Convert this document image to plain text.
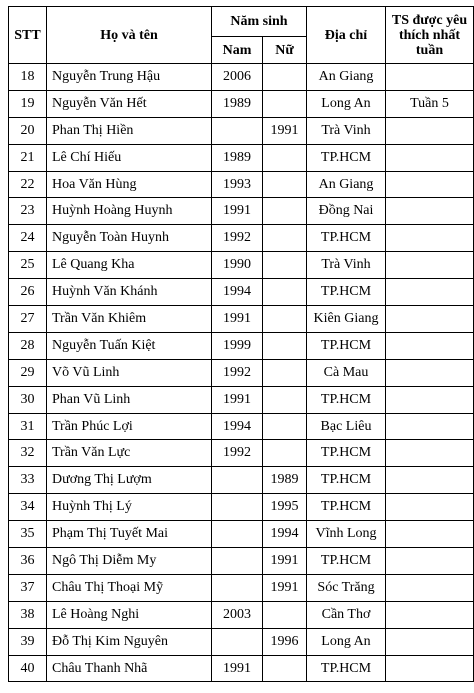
STT	Họ và tên	Năm sinh		Địa chỉ	TS được yêu thích nhất tuần
		Nam	Nữ		
18	Nguyễn Trung Hậu	2006		An Giang	
19	Nguyễn Văn Hết	1989		Long An	Tuần 5
20	Phan Thị Hiền		1991	Trà Vinh	
21	Lê Chí Hiếu	1989		TP.HCM	
22	Hoa Văn Hùng	1993		An Giang	
23	Huỳnh Hoàng Huynh	1991		Đồng Nai	
24	Nguyễn Toàn Huynh	1992		TP.HCM	
25	Lê Quang Kha	1990		Trà Vinh	
26	Huỳnh Văn Khánh	1994		TP.HCM	
27	Trần Văn Khiêm	1991		Kiên Giang	
28	Nguyễn Tuấn Kiệt	1999		TP.HCM	
29	Võ Vũ Linh	1992		Cà Mau	
30	Phan Vũ Linh	1991		TP.HCM	
31	Trần Phúc Lợi	1994		Bạc Liêu	
32	Trần Văn Lực	1992		TP.HCM	
33	Dương Thị Lượm		1989	TP.HCM	
34	Huỳnh Thị Lý		1995	TP.HCM	
35	Phạm Thị Tuyết Mai		1994	Vĩnh Long	
36	Ngô Thị Diễm My		1991	TP.HCM	
37	Châu Thị Thoại Mỹ		1991	Sóc Trăng	
38	Lê Hoàng Nghi	2003		Cần Thơ	
39	Đỗ Thị Kim Nguyên		1996	Long An	
40	Châu Thanh Nhã	1991		TP.HCM	
